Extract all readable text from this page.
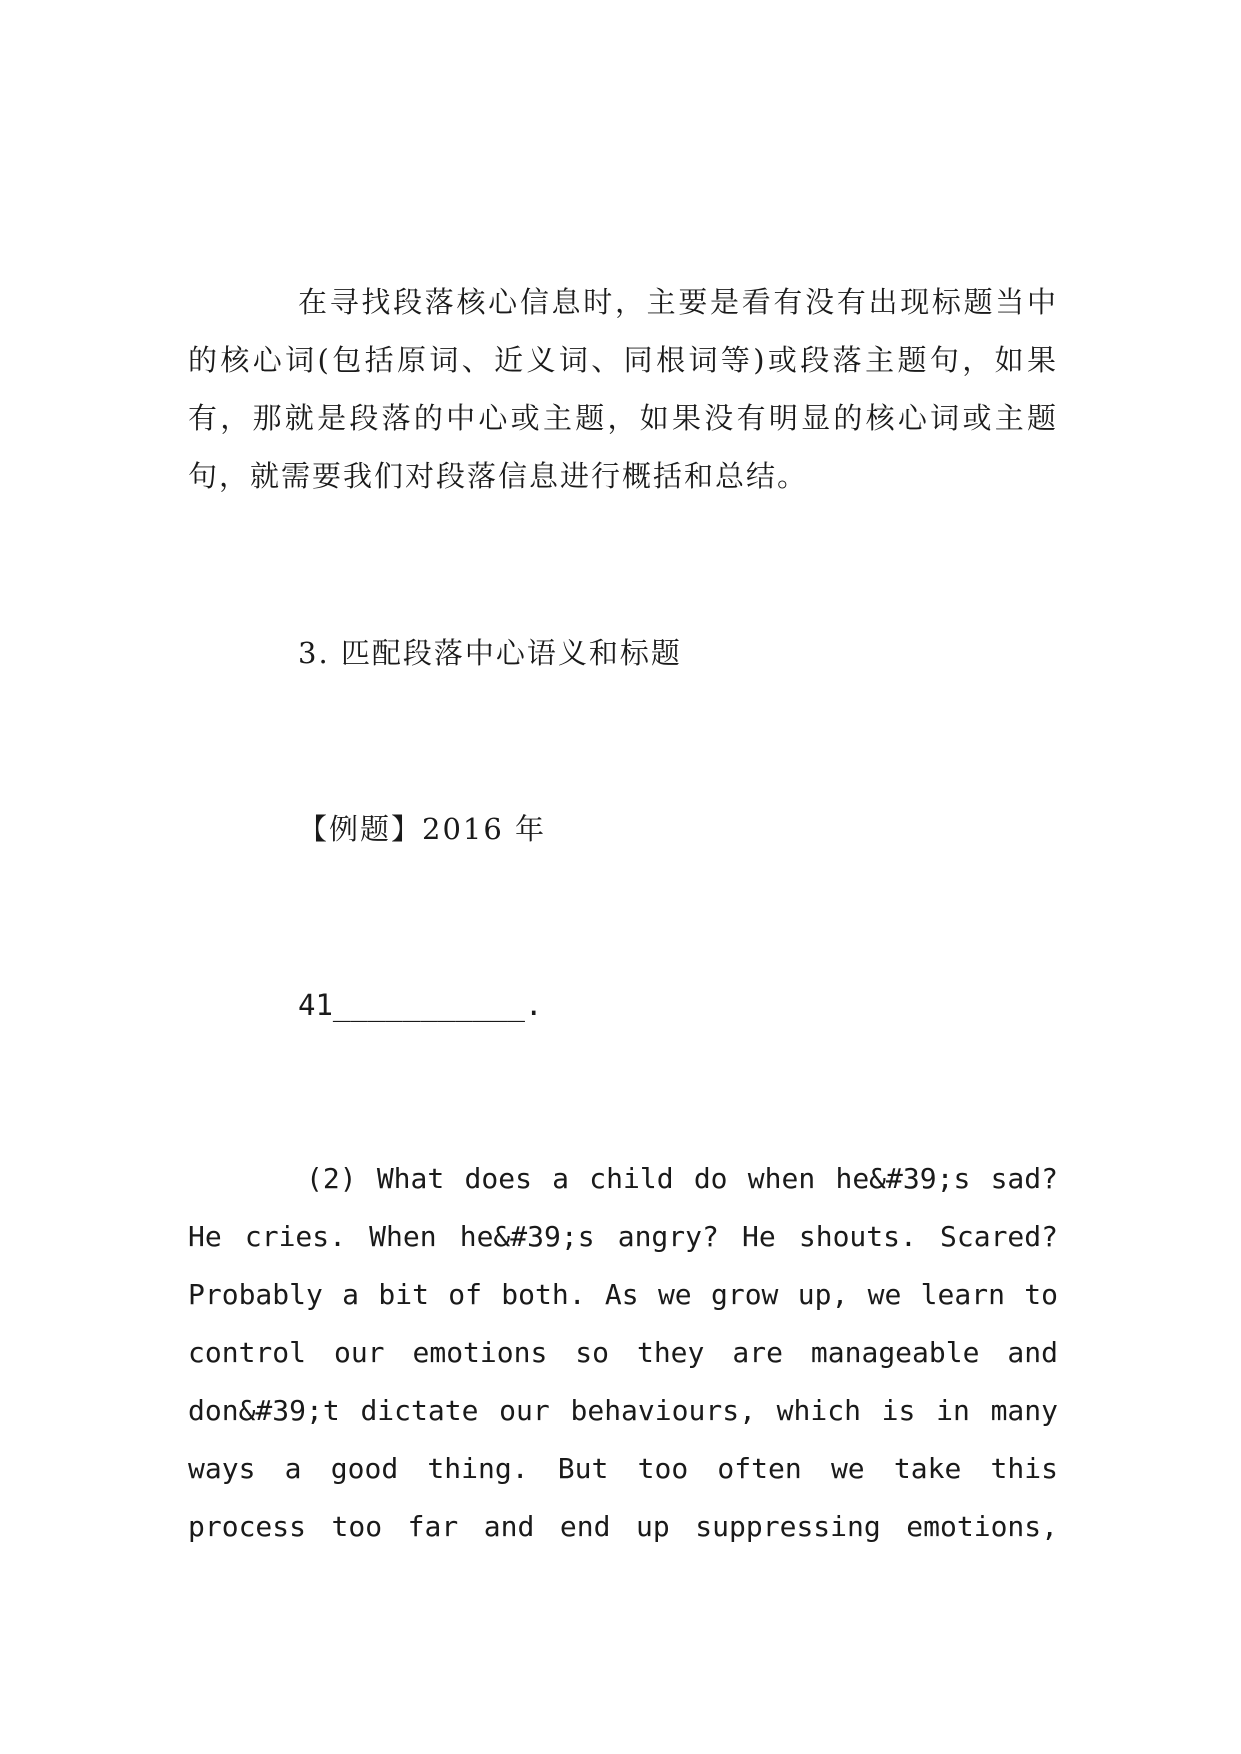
在寻找段落核心信息时，主要是看有没有出现标题当中的核心词(包括原词、近义词、同根词等)或段落主题句，如果有，那就是段落的中心或主题，如果没有明显的核心词或主题句，就需要我们对段落信息进行概括和总结。

3. 匹配段落中心语义和标题

【例题】2016 年

41___________.

(2) What does a child do when he&#39;s sad? He cries. When he&#39;s angry? He shouts. Scared? Probably a bit of both. As we grow up, we learn to control our emotions so they are manageable and don&#39;t dictate our behaviours, which is in many ways a good thing. But too often we take this process too far and end up suppressing emotions,
